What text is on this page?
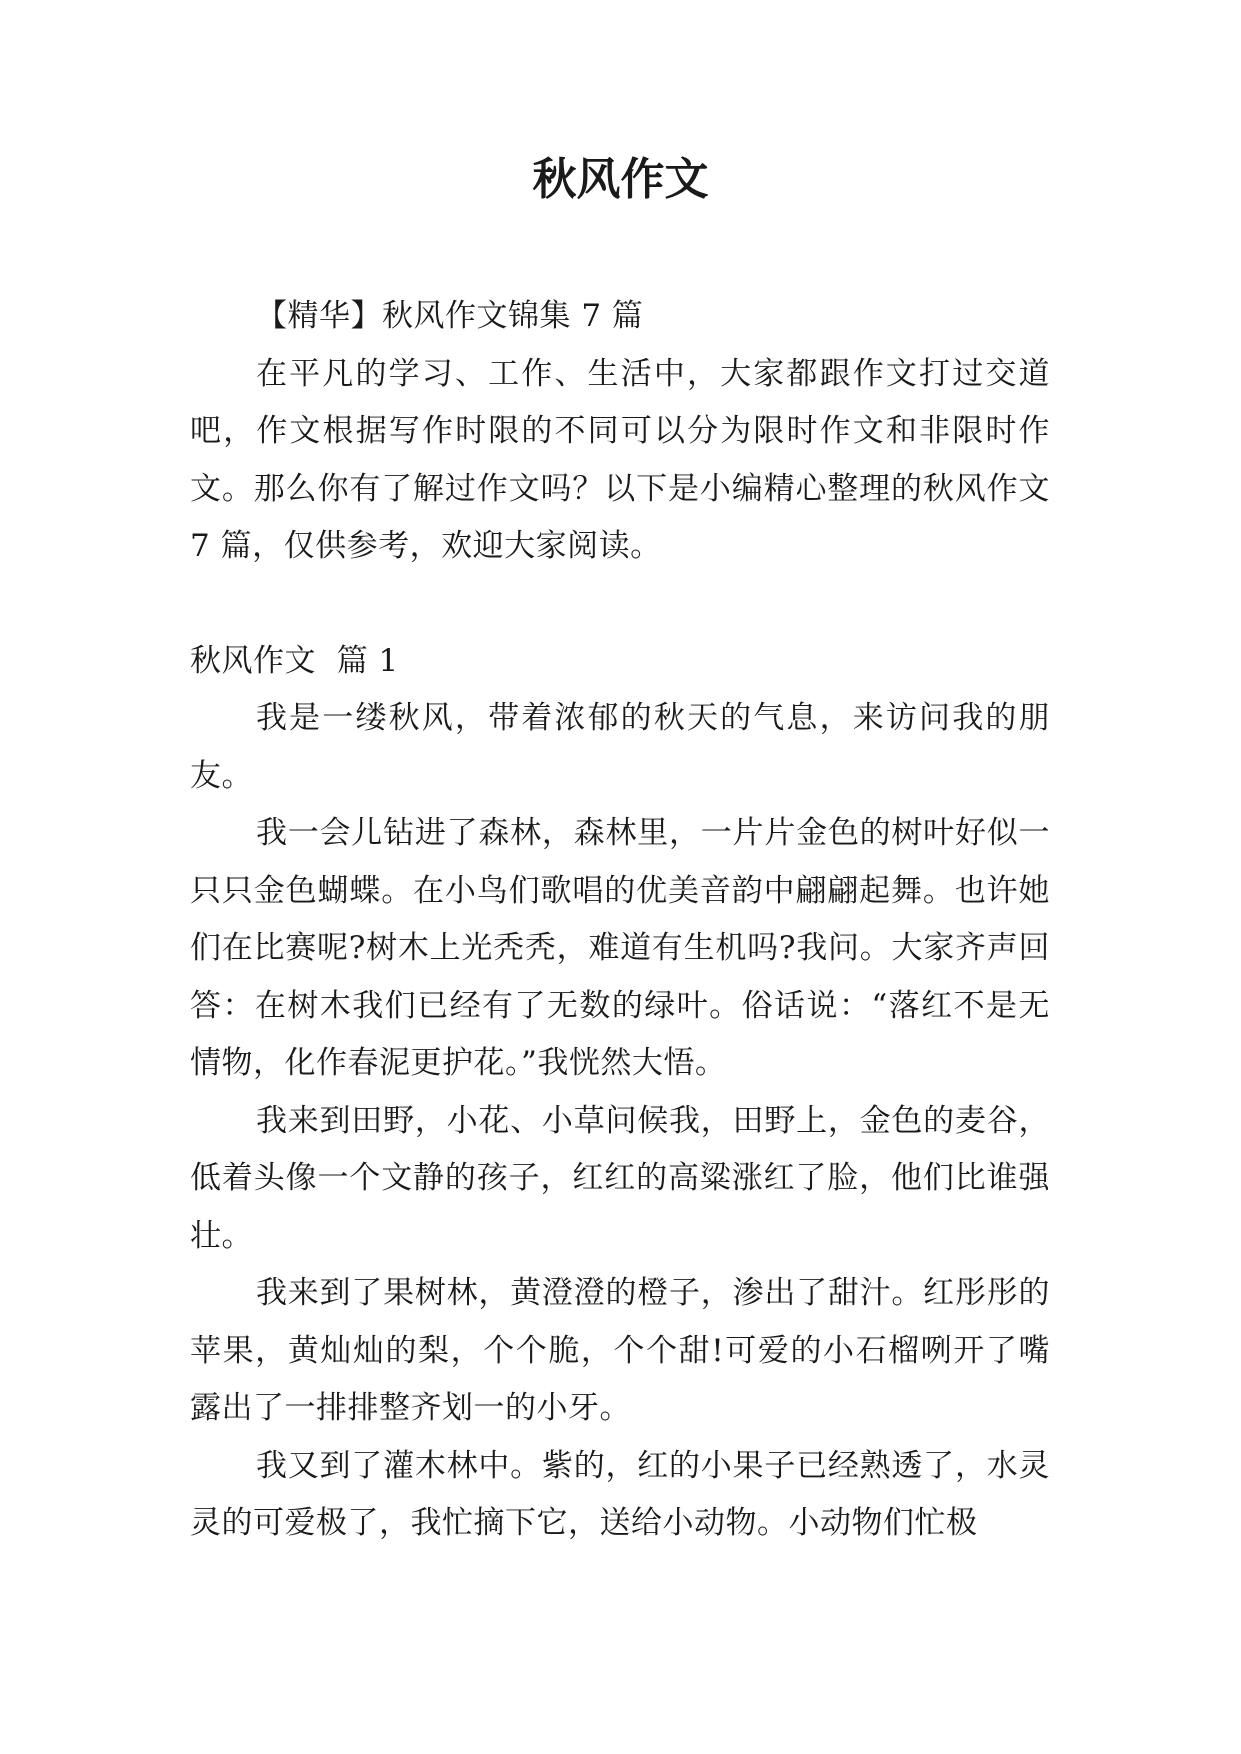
秋风作文

【精华】秋风作文锦集 7 篇

在平凡的学习、工作、生活中，大家都跟作文打过交道吧，作文根据写作时限的不同可以分为限时作文和非限时作文。那么你有了解过作文吗？以下是小编精心整理的秋风作文 7 篇，仅供参考，欢迎大家阅读。

秋风作文  篇 1

我是一缕秋风，带着浓郁的秋天的气息，来访问我的朋友。

我一会儿钻进了森林，森林里，一片片金色的树叶好似一只只金色蝴蝶。在小鸟们歌唱的优美音韵中翩翩起舞。也许她们在比赛呢?树木上光秃秃，难道有生机吗?我问。大家齐声回答：在树木我们已经有了无数的绿叶。俗话说：“落红不是无情物，化作春泥更护花。”我恍然大悟。

我来到田野，小花、小草问候我，田野上，金色的麦谷，低着头像一个文静的孩子，红红的高粱涨红了脸，他们比谁强壮。

我来到了果树林，黄澄澄的橙子，渗出了甜汁。红彤彤的苹果，黄灿灿的梨，个个脆，个个甜!可爱的小石榴咧开了嘴露出了一排排整齐划一的小牙。

我又到了灌木林中。紫的，红的小果子已经熟透了，水灵灵的可爱极了，我忙摘下它，送给小动物。小动物们忙极
